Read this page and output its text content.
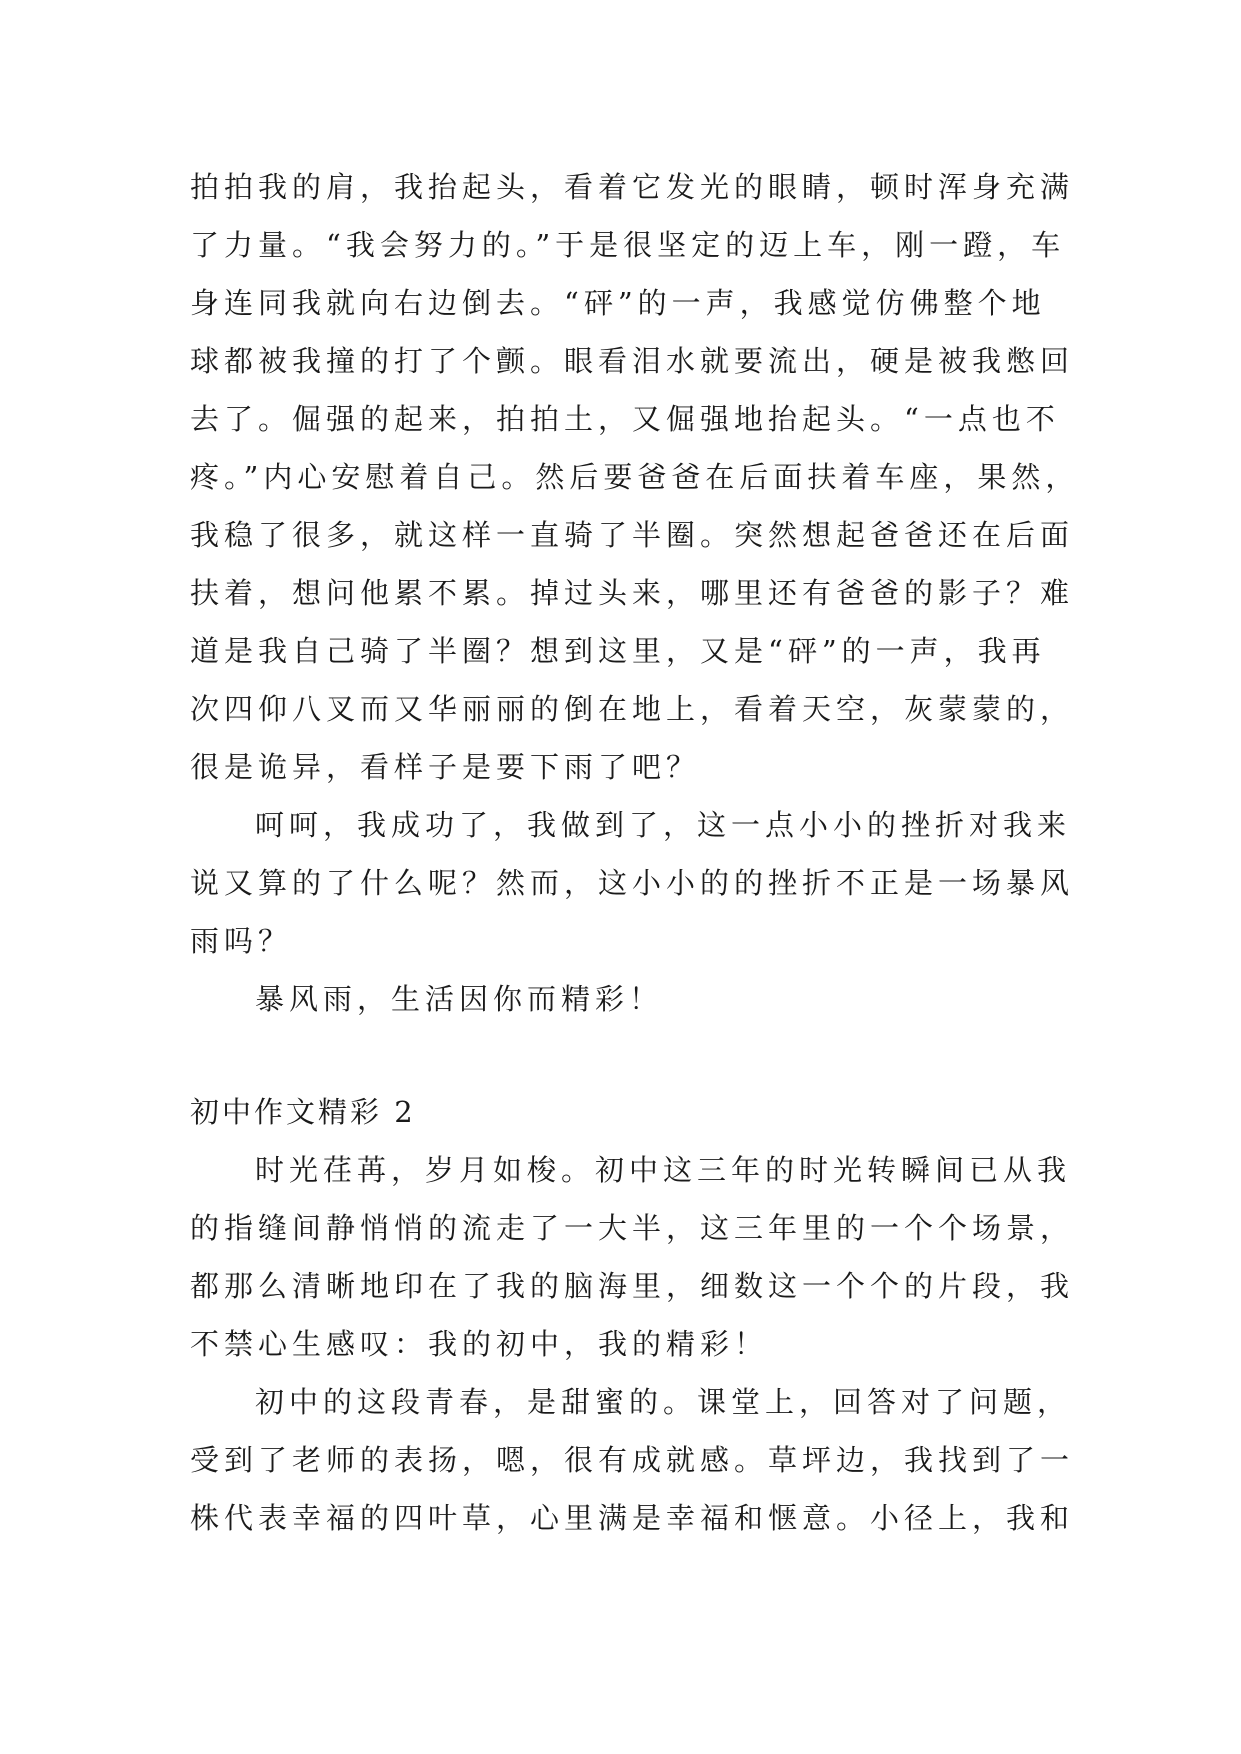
拍拍我的肩，我抬起头，看着它发光的眼睛，顿时浑身充满
了力量。“我会努力的。”于是很坚定的迈上车，刚一蹬，车
身连同我就向右边倒去。“砰”的一声，我感觉仿佛整个地
球都被我撞的打了个颤。眼看泪水就要流出，硬是被我憋回
去了。倔强的起来，拍拍土，又倔强地抬起头。“一点也不
疼。”内心安慰着自己。然后要爸爸在后面扶着车座，果然，
我稳了很多，就这样一直骑了半圈。突然想起爸爸还在后面
扶着，想问他累不累。掉过头来，哪里还有爸爸的影子？难
道是我自己骑了半圈？想到这里，又是“砰”的一声，我再
次四仰八叉而又华丽丽的倒在地上，看着天空，灰蒙蒙的，
很是诡异，看样子是要下雨了吧？
呵呵，我成功了，我做到了，这一点小小的挫折对我来
说又算的了什么呢？然而，这小小的的挫折不正是一场暴风
雨吗？
暴风雨，生活因你而精彩！
初中作文精彩 2
时光荏苒，岁月如梭。初中这三年的时光转瞬间已从我
的指缝间静悄悄的流走了一大半，这三年里的一个个场景，
都那么清晰地印在了我的脑海里，细数这一个个的片段，我
不禁心生感叹：我的初中，我的精彩！
初中的这段青春，是甜蜜的。课堂上，回答对了问题，
受到了老师的表扬，嗯，很有成就感。草坪边，我找到了一
株代表幸福的四叶草，心里满是幸福和惬意。小径上，我和
